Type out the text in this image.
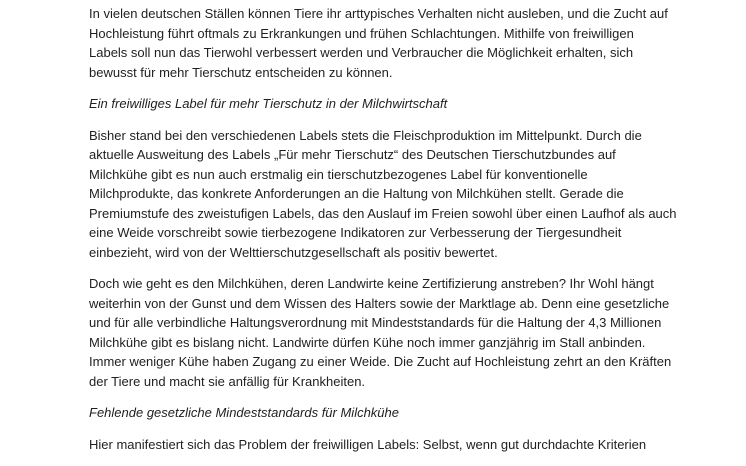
In vielen deutschen Ställen können Tiere ihr arttypisches Verhalten nicht ausleben, und die Zucht auf
Hochleistung führt oftmals zu Erkrankungen und frühen Schlachtungen. Mithilfe von freiwilligen
Labels soll nun das Tierwohl verbessert werden und Verbraucher die Möglichkeit erhalten, sich
bewusst für mehr Tierschutz entscheiden zu können.
Ein freiwilliges Label für mehr Tierschutz in der Milchwirtschaft
Bisher stand bei den verschiedenen Labels stets die Fleischproduktion im Mittelpunkt. Durch die
aktuelle Ausweitung des Labels „Für mehr Tierschutz“ des Deutschen Tierschutzbundes auf
Milchkühe gibt es nun auch erstmalig ein tierschutzbezogenes Label für konventionelle
Milchprodukte, das konkrete Anforderungen an die Haltung von Milchkühen stellt. Gerade die
Premiumstufe des zweistufigen Labels, das den Auslauf im Freien sowohl über einen Laufhof als auch
eine Weide vorschreibt sowie tierbezogene Indikatoren zur Verbesserung der Tiergesundheit
einbezieht, wird von der Welttierschutzgesellschaft als positiv bewertet.
Doch wie geht es den Milchkühen, deren Landwirte keine Zertifizierung anstreben? Ihr Wohl hängt
weiterhin von der Gunst und dem Wissen des Halters sowie der Marktlage ab. Denn eine gesetzliche
und für alle verbindliche Haltungsverordnung mit Mindeststandards für die Haltung der 4,3 Millionen
Milchkühe gibt es bislang nicht. Landwirte dürfen Kühe noch immer ganzjährig im Stall anbinden.
Immer weniger Kühe haben Zugang zu einer Weide. Die Zucht auf Hochleistung zehrt an den Kräften
der Tiere und macht sie anfällig für Krankheiten.
Fehlende gesetzliche Mindeststandards für Milchkühe
Hier manifestiert sich das Problem der freiwilligen Labels: Selbst, wenn gut durchdachte Kriterien
